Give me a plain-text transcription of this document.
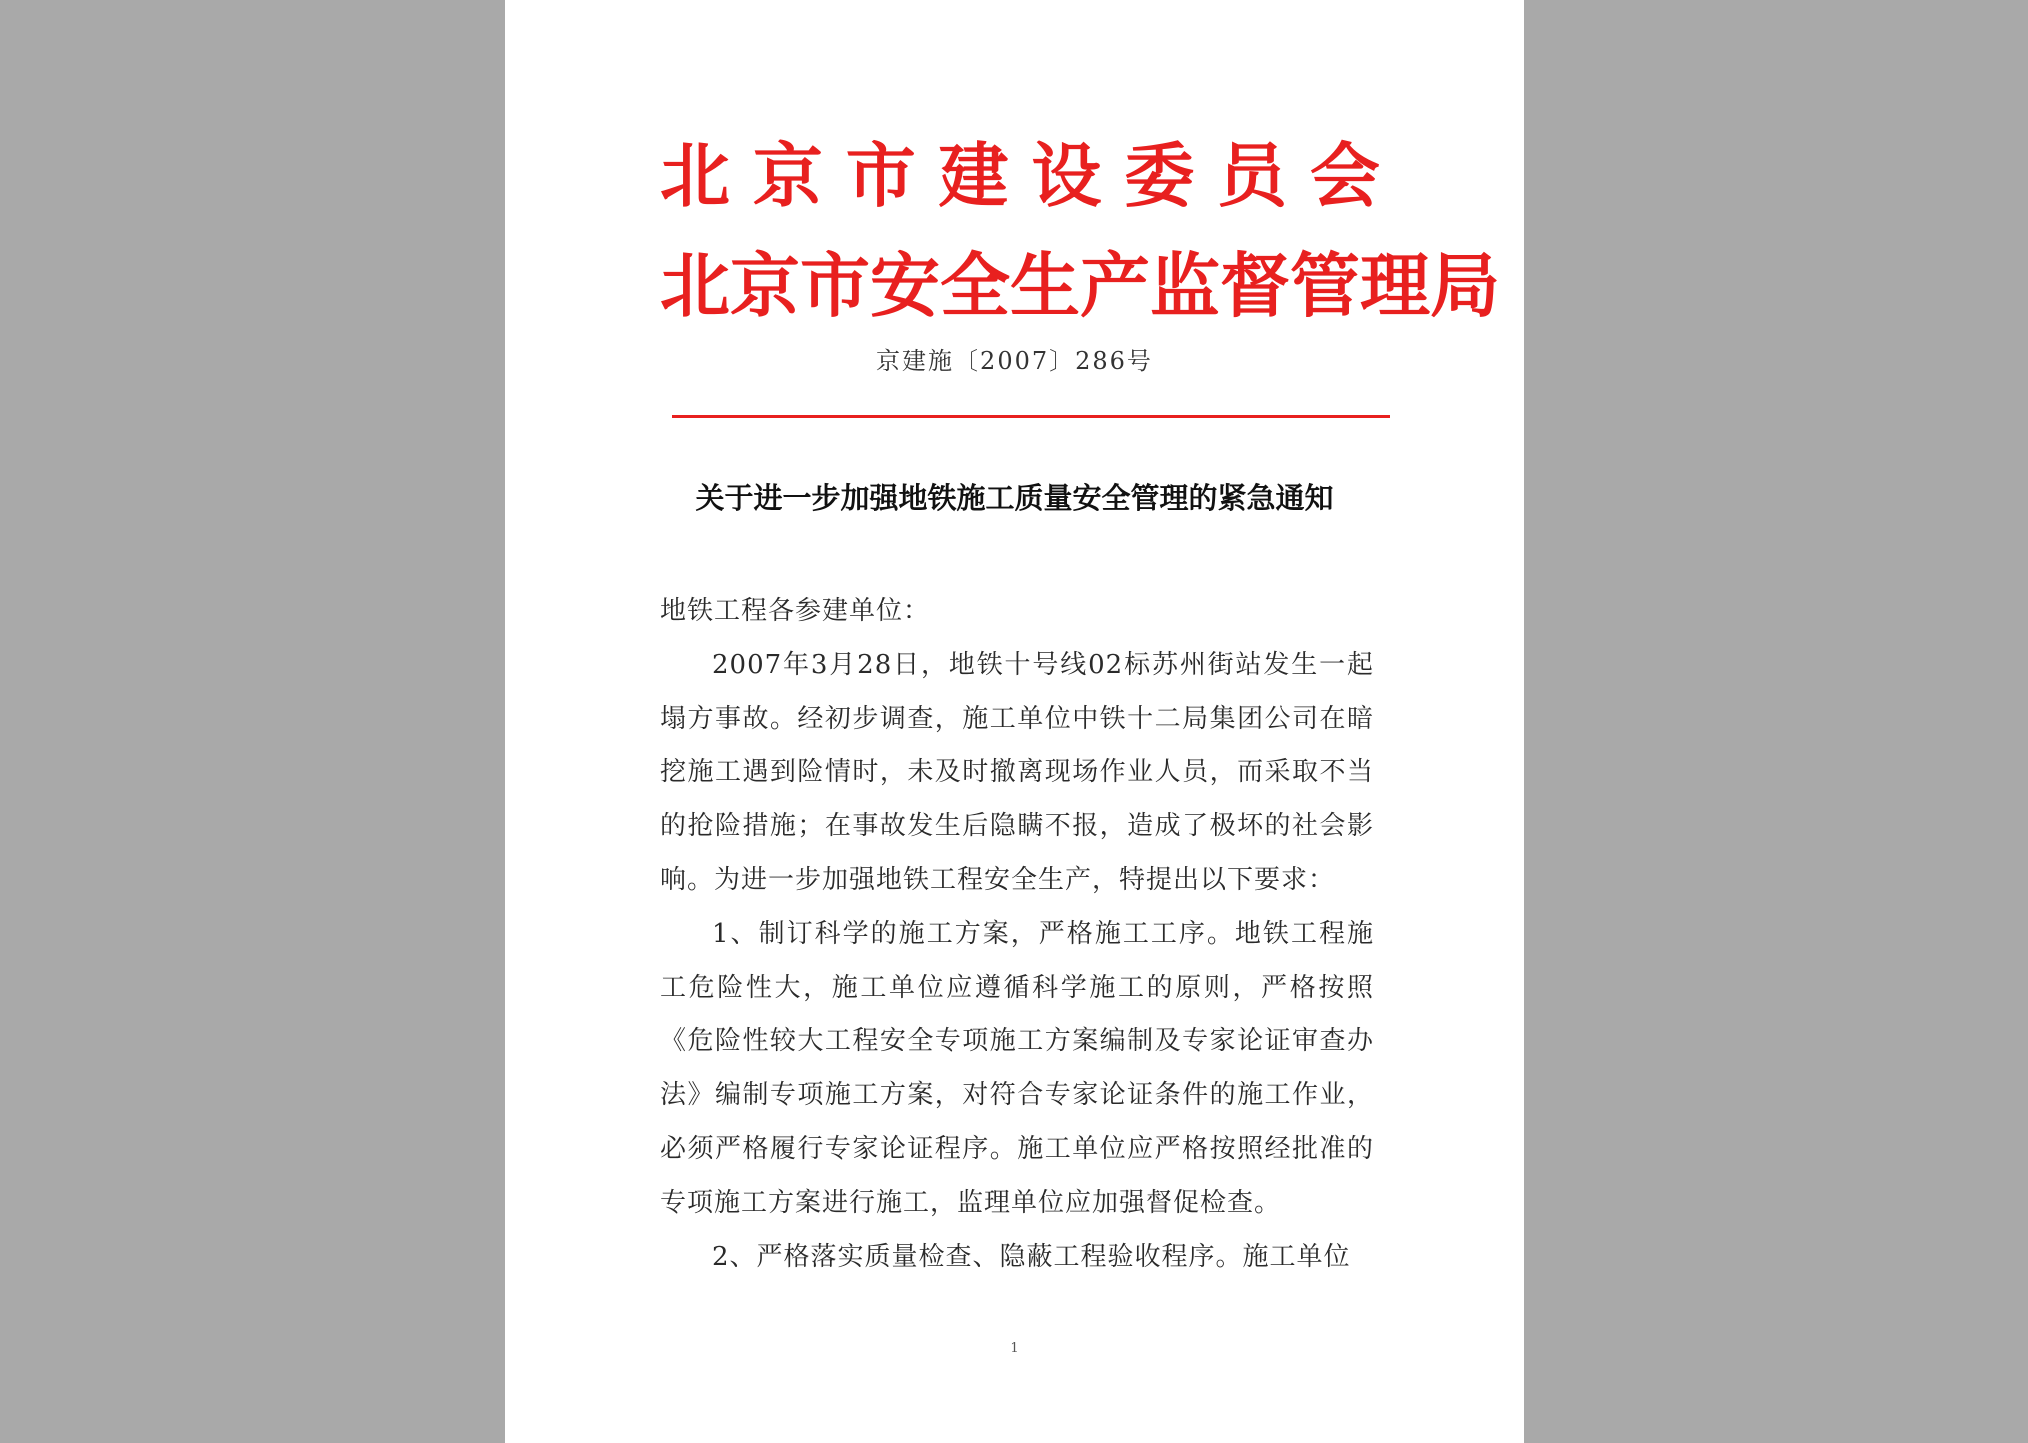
北 京 市 建 设 委 员 会
北京市安全生产监督管理局
京建施〔2007〕286号
关于进一步加强地铁施工质量安全管理的紧急通知

地铁工程各参建单位：

2007年3月28日，地铁十号线02标苏州街站发生一起塌方事故。经初步调查，施工单位中铁十二局集团公司在暗挖施工遇到险情时，未及时撤离现场作业人员，而采取不当的抢险措施；在事故发生后隐瞒不报，造成了极坏的社会影响。为进一步加强地铁工程安全生产，特提出以下要求：

1、制订科学的施工方案，严格施工工序。地铁工程施工危险性大，施工单位应遵循科学施工的原则，严格按照《危险性较大工程安全专项施工方案编制及专家论证审查办法》编制专项施工方案，对符合专家论证条件的施工作业，必须严格履行专家论证程序。施工单位应严格按照经批准的专项施工方案进行施工，监理单位应加强督促检查。

2、严格落实质量检查、隐蔽工程验收程序。施工单位

1
